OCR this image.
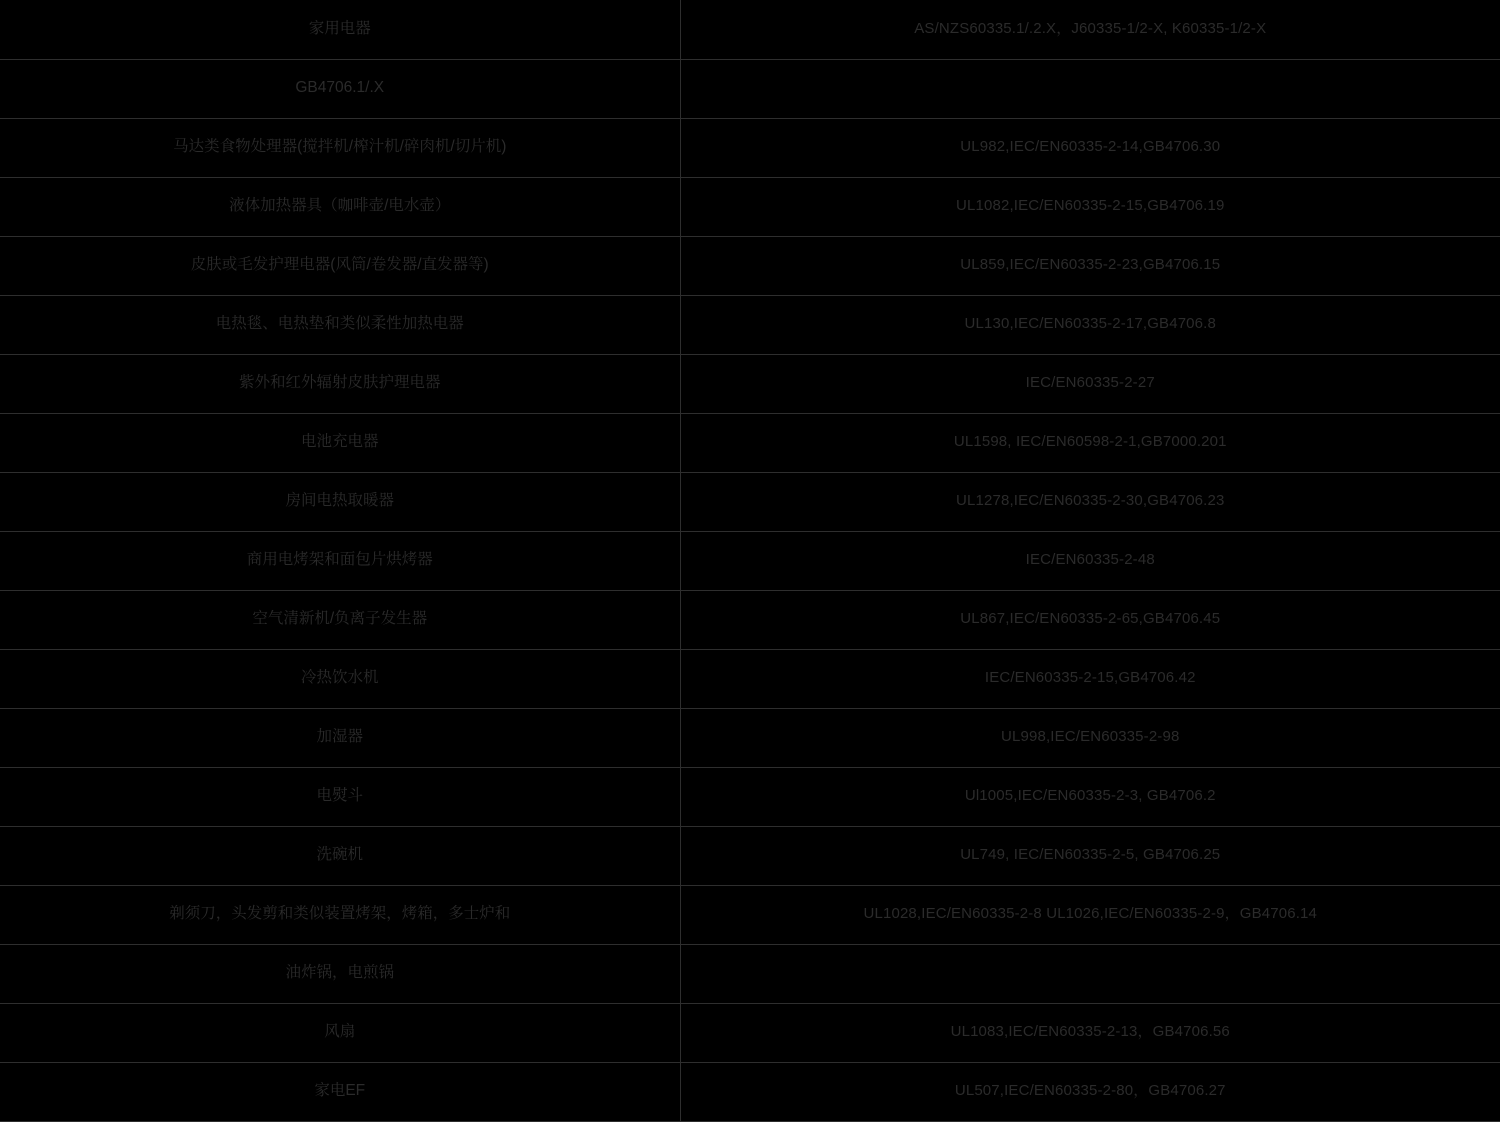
家用电器	AS/NZS60335.1/.2.X，J60335-1/2-X, K60335-1/2-X
GB4706.1/.X	
马达类食物处理器(搅拌机/榨汁机/碎肉机/切片机)	UL982,IEC/EN60335-2-14,GB4706.30
液体加热器具（咖啡壶/电水壶）	UL1082,IEC/EN60335-2-15,GB4706.19
皮肤或毛发护理电器(风筒/卷发器/直发器等)	UL859,IEC/EN60335-2-23,GB4706.15
电热毯、电热垫和类似柔性加热电器	UL130,IEC/EN60335-2-17,GB4706.8
紫外和红外辐射皮肤护理电器	IEC/EN60335-2-27
电池充电器	UL1598, IEC/EN60598-2-1,GB7000.201
房间电热取暖器	UL1278,IEC/EN60335-2-30,GB4706.23
商用电烤架和面包片烘烤器	IEC/EN60335-2-48
空气清新机/负离子发生器	UL867,IEC/EN60335-2-65,GB4706.45
冷热饮水机	IEC/EN60335-2-15,GB4706.42
加湿器	UL998,IEC/EN60335-2-98
电熨斗	Ul1005,IEC/EN60335-2-3, GB4706.2
洗碗机	UL749, IEC/EN60335-2-5, GB4706.25
剃须刀，头发剪和类似装置烤架，烤箱，多士炉和	UL1028,IEC/EN60335-2-8 UL1026,IEC/EN60335-2-9，GB4706.14
油炸锅，电煎锅	
风扇	UL1083,IEC/EN60335-2-13，GB4706.56
家电EF	UL507,IEC/EN60335-2-80，GB4706.27
